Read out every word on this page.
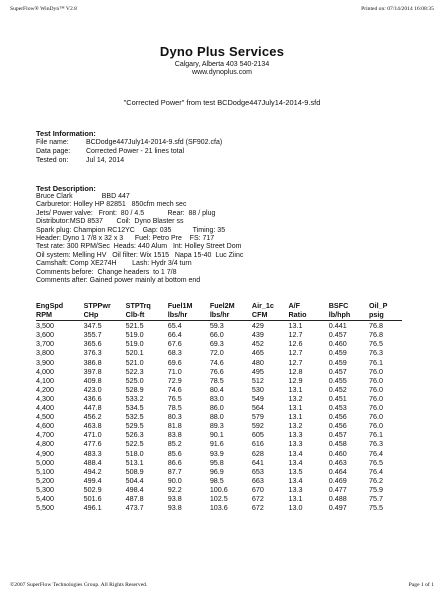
SuperFlow® WinDyn™ V2.8	Printed on: 07/14/2014 16:08:35
Dyno Plus Services
Calgary, Alberta 403 540-2134
www.dynoplus.com
"Corrected Power" from test BCDodge447July14-2014-9.sfd
Test Information:
File name:	BCDodge447July14-2014-9.sfd (SF902.cfa)
Data page:	Corrected Power - 21 lines total
Tested on:	Jul 14, 2014
Test Description:
Bruce Clark               BBD 447
Carburetor: Holley HP 82851   850cfm mech sec
Jets/ Power valve:   Front:  80 / 4.5            Rear:  88 / plug
Distributor:MSD 8537       Coil:  Dyno Blaster ss
Spark plug: Champion RC12YC    Gap: 035           Timing: 35
Header: Dyno 1 7/8 x 32 x 3      Fuel: Petro Pre    FS: 717
Test rate: 300 RPM/Sec  Heads: 440 Alum   Int: Holley Street Dom
Oil system: Melling HV   Oil filter: Wix 1515   Napa 15-40  Luc Ziinc
Camshaft: Comp XE274H        Lash: Hydr 3/4 turn
Comments before:  Change headers  to 1 7/8
Comments after: Gained power mainly at bottom end
EngSpd	STPPwr	STPTrq	Fuel1M	Fuel2M	Air_1c	A/F	BSFC	Oil_P
RPM	CHp	Clb-ft	lbs/hr	lbs/hr	CFM	Ratio	lb/hph	psig
3,500	347.5	521.5	65.4	59.3	429	13.1	0.441	76.8
3,600	355.7	519.0	66.4	66.0	439	12.7	0.457	76.8
3,700	365.6	519.0	67.6	69.3	452	12.6	0.460	76.5
3,800	376.3	520.1	68.3	72.0	465	12.7	0.459	76.3
3,900	386.8	521.0	69.6	74.6	480	12.7	0.459	76.1
4,000	397.8	522.3	71.0	76.6	495	12.8	0.457	76.0
4,100	409.8	525.0	72.9	78.5	512	12.9	0.455	76.0
4,200	423.0	528.9	74.6	80.4	530	13.1	0.452	76.0
4,300	436.6	533.2	76.5	83.0	549	13.2	0.451	76.0
4,400	447.8	534.5	78.5	86.0	564	13.1	0.453	76.0
4,500	456.2	532.5	80.3	88.0	579	13.1	0.456	76.0
4,600	463.8	529.5	81.8	89.3	592	13.2	0.456	76.0
4,700	471.0	526.3	83.8	90.1	605	13.3	0.457	76.1
4,800	477.6	522.5	85.2	91.6	616	13.3	0.458	76.3
4,900	483.3	518.0	85.6	93.9	628	13.4	0.460	76.4
5,000	488.4	513.1	86.6	95.8	641	13.4	0.463	76.5
5,100	494.2	508.9	87.7	96.9	653	13.5	0.464	76.4
5,200	499.4	504.4	90.0	98.5	663	13.4	0.469	76.2
5,300	502.9	498.4	92.2	100.6	670	13.3	0.477	75.9
5,400	501.6	487.8	93.8	102.5	672	13.1	0.488	75.7
5,500	496.1	473.7	93.8	103.6	672	13.0	0.497	75.5
©2007 SuperFlow Technologies Group. All Rights Reserved.	Page 1 of 1
